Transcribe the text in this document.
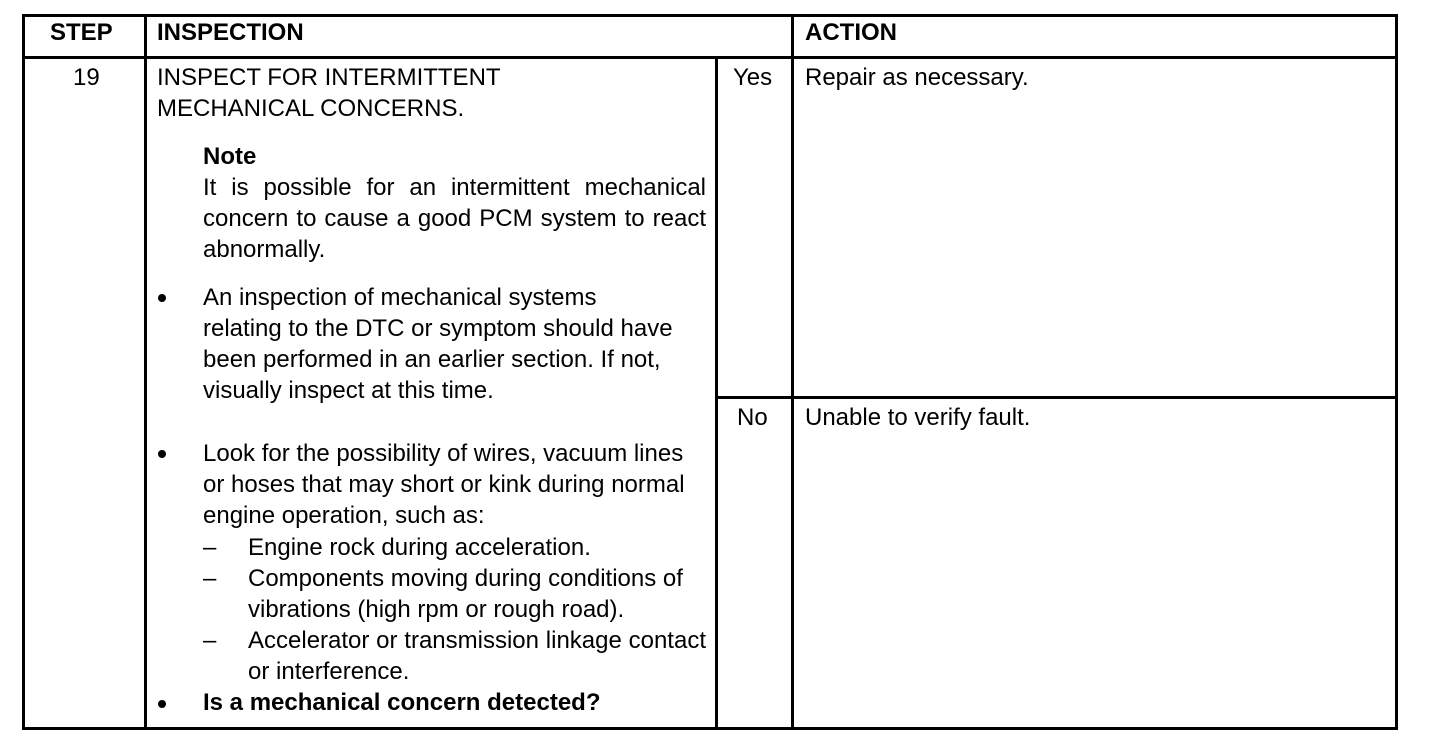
STEP INSPECTION	ACTION
19 INSPECT FOR INTERMITTENT
MECHANICAL CONCERNS.
Note
It is possible for an intermittent mechanical concern to cause a good PCM system to react abnormally.
An inspection of mechanical systems relating to the DTC or symptom should have been performed in an earlier section. If not, visually inspect at this time.
Look for the possibility of wires, vacuum lines or hoses that may short or kink during normal engine operation, such as:
– Engine rock during acceleration.
– Components moving during conditions of vibrations (high rpm or rough road).
– Accelerator or transmission linkage contact or interference.
Is a mechanical concern detected?
Yes
No
Repair as necessary.
Unable to verify fault.
